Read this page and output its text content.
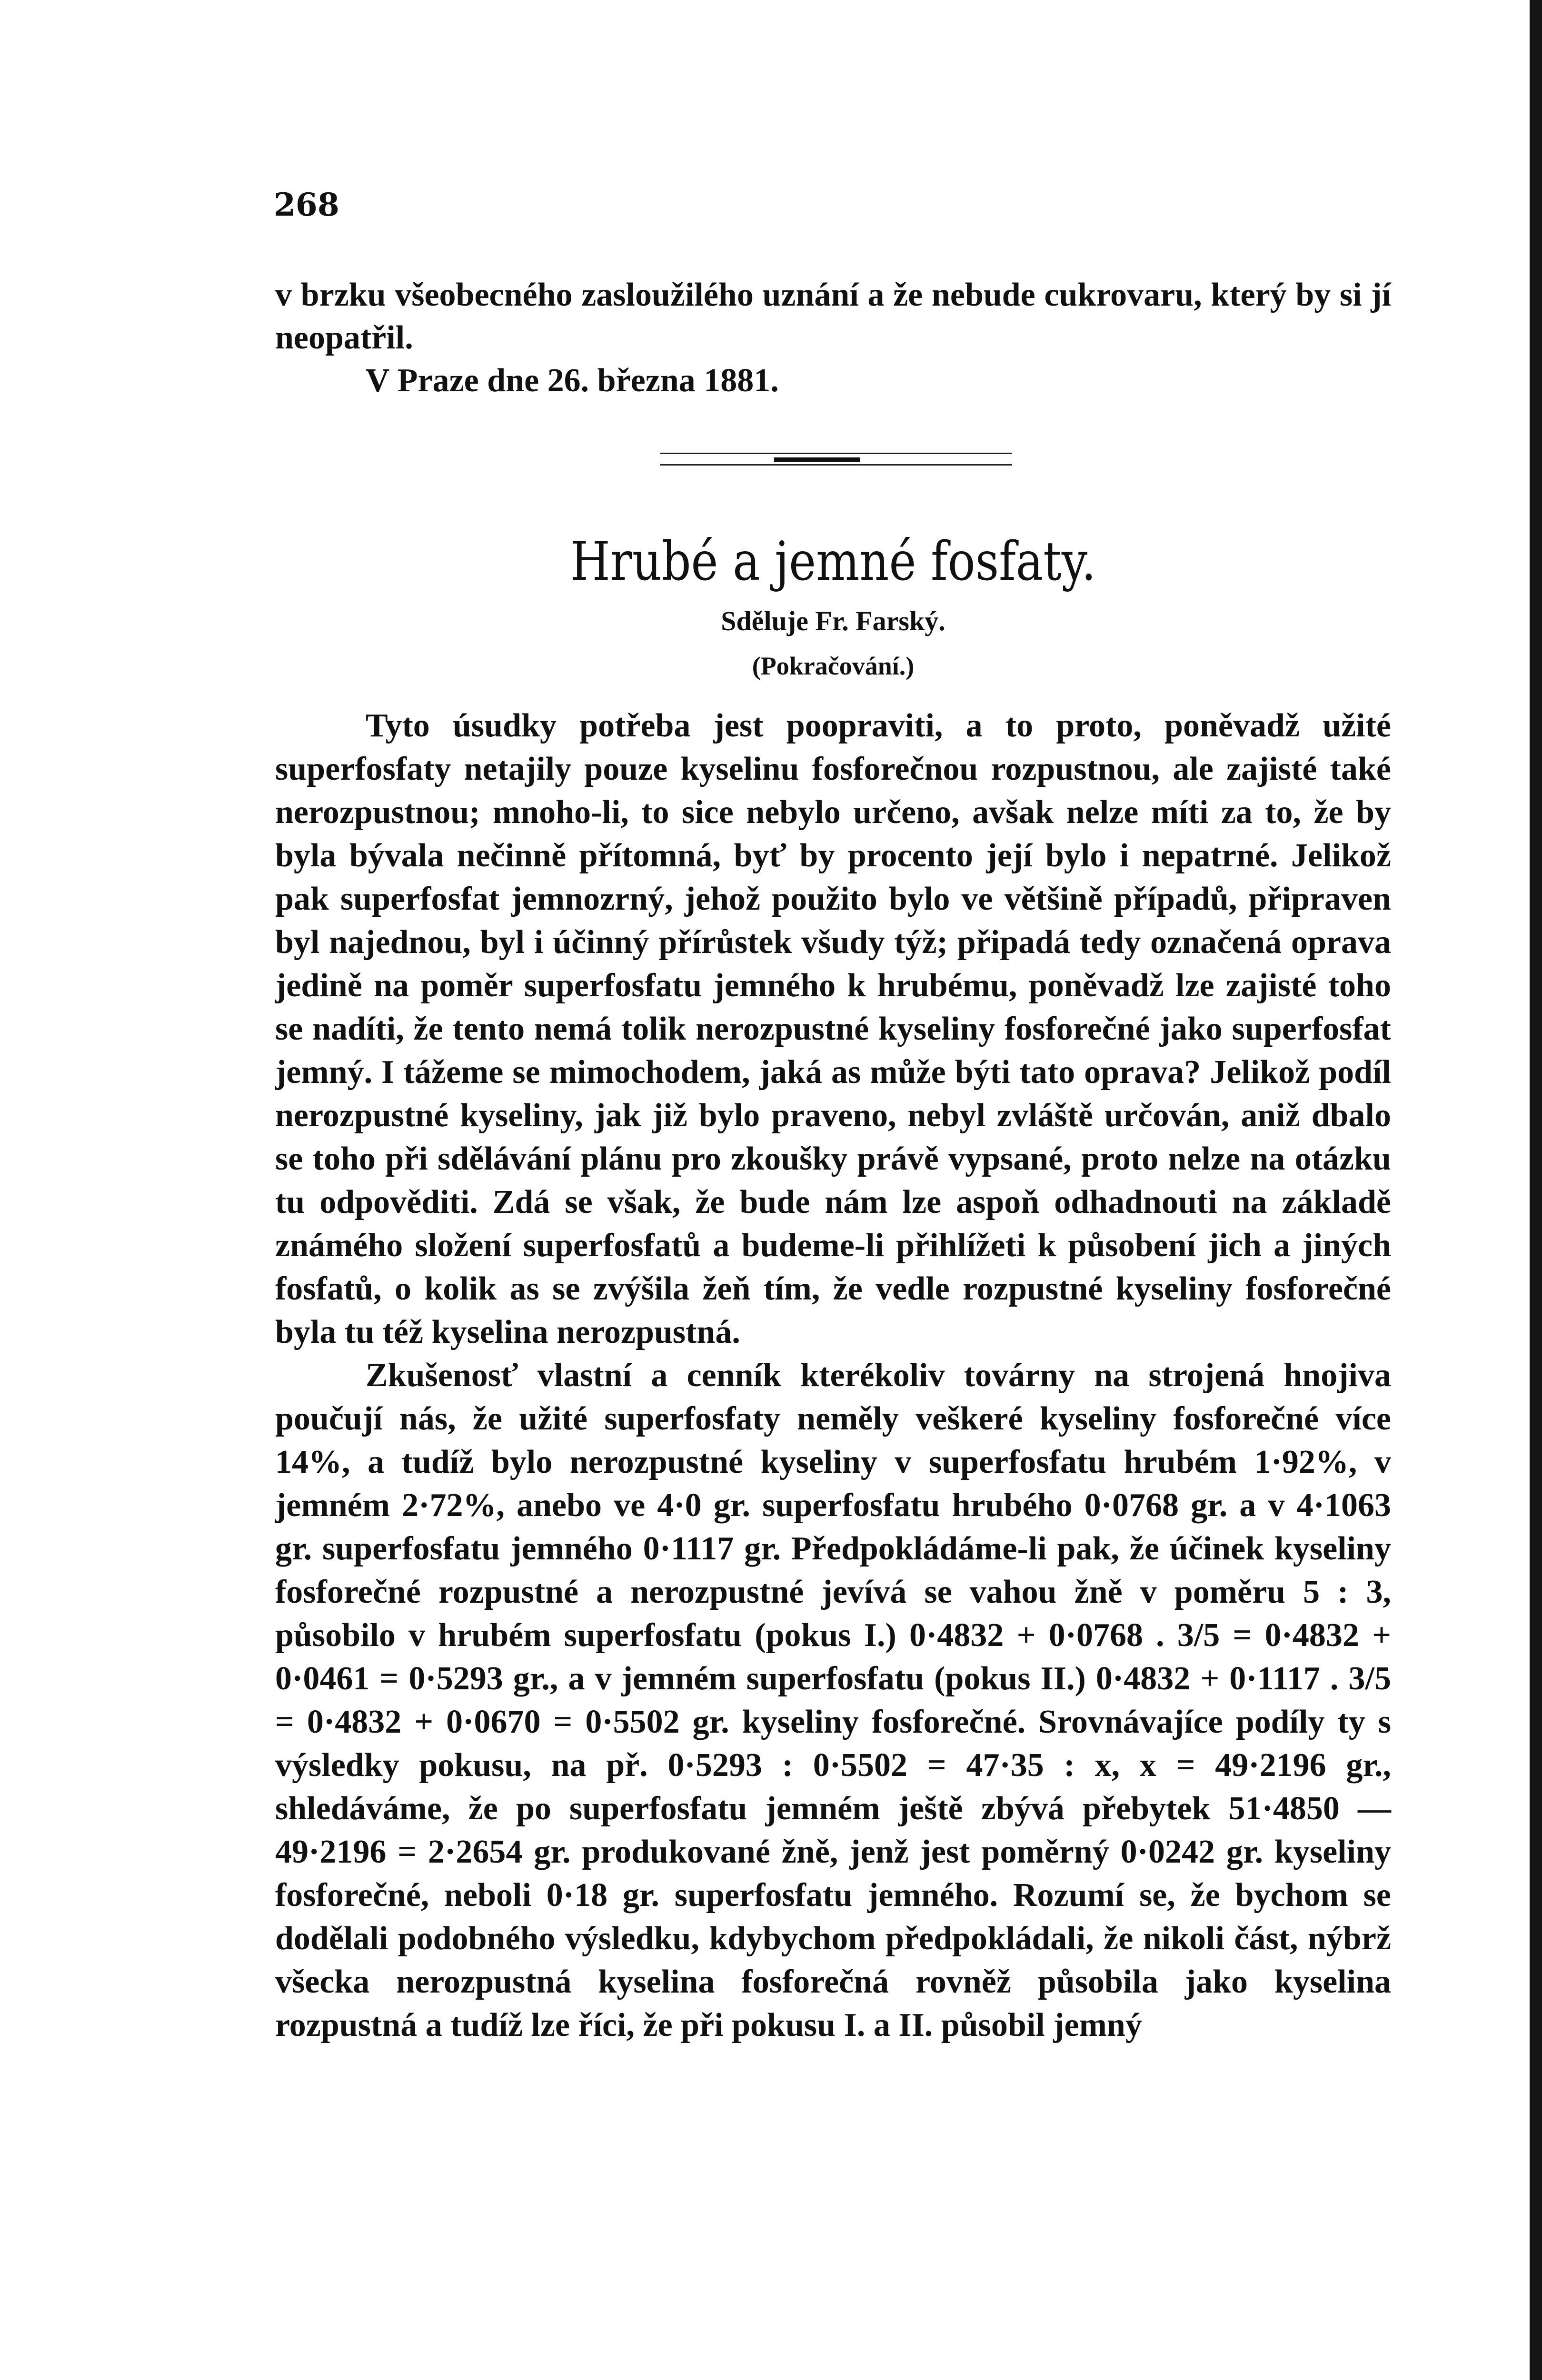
268

v brzku všeobecného zasloužilého uznání a že nebude cukrovaru, který by si jí neopatřil.

V Praze dne 26. března 1881.

Hrubé a jemné fosfaty.
Sděluje Fr. Farský.
(Pokračování.)

Tyto úsudky potřeba jest poopraviti, a to proto, poněvadž užité superfosfaty netajily pouze kyselinu fosforečnou rozpustnou, ale zajisté také nerozpustnou; mnoho-li, to sice nebylo určeno, avšak nelze míti za to, že by byla bývala nečinně přítomná, byť by procento její bylo i nepatrné. Jelikož pak superfosfat jemnozrný, jehož použito bylo ve většině případů, připraven byl najednou, byl i účinný přírůstek všudy týž; připadá tedy označená oprava jedině na poměr superfosfatu jemného k hrubému, poněvadž lze zajisté toho se nadíti, že tento nemá tolik nerozpustné kyseliny fosforečné jako superfosfat jemný. I tážeme se mimochodem, jaká as může býti tato oprava? Jelikož podíl nerozpustné kyseliny, jak již bylo praveno, nebyl zvláště určován, aniž dbalo se toho při sdělávání plánu pro zkoušky právě vypsané, proto nelze na otázku tu odpověditi. Zdá se však, že bude nám lze aspoň odhadnouti na základě známého složení superfosfatů a budeme-li přihlížeti k působení jich a jiných fosfatů, o kolik as se zvýšila žeň tím, že vedle rozpustné kyseliny fosforečné byla tu též kyselina nerozpustná.

Zkušenosť vlastní a cenník kterékoliv továrny na strojená hnojiva poučují nás, že užité superfosfaty neměly veškeré kyseliny fosforečné více 14%, a tudíž bylo nerozpustné kyseliny v superfosfatu hrubém 1·92%, v jemném 2·72%, anebo ve 4·0 gr. superfosfatu hrubého 0·0768 gr. a v 4·1063 gr. superfosfatu jemného 0·1117 gr. Předpokládáme-li pak, že účinek kyseliny fosforečné rozpustné a nerozpustné jevívá se vahou žně v poměru 5 : 3, působilo v hrubém superfosfatu (pokus I.) 0·4832 + 0·0768 . 3/5 = 0·4832 + 0·0461 = 0·5293 gr., a v jemném superfosfatu (pokus II.) 0·4832 + 0·1117 . 3/5 = 0·4832 + 0·0670 = 0·5502 gr. kyseliny fosforečné. Srovnávajíce podíly ty s výsledky pokusu, na př. 0·5293 : 0·5502 = 47·35 : x, x = 49·2196 gr., shledáváme, že po superfosfatu jemném ještě zbývá přebytek 51·4850 — 49·2196 = 2·2654 gr. produkované žně, jenž jest poměrný 0·0242 gr. kyseliny fosforečné, neboli 0·18 gr. superfosfatu jemného. Rozumí se, že bychom se dodělali podobného výsledku, kdybychom předpokládali, že nikoli část, nýbrž všecka nerozpustná kyselina fosforečná rovněž působila jako kyselina rozpustná a tudíž lze říci, že při pokusu I. a II. působil jemný
